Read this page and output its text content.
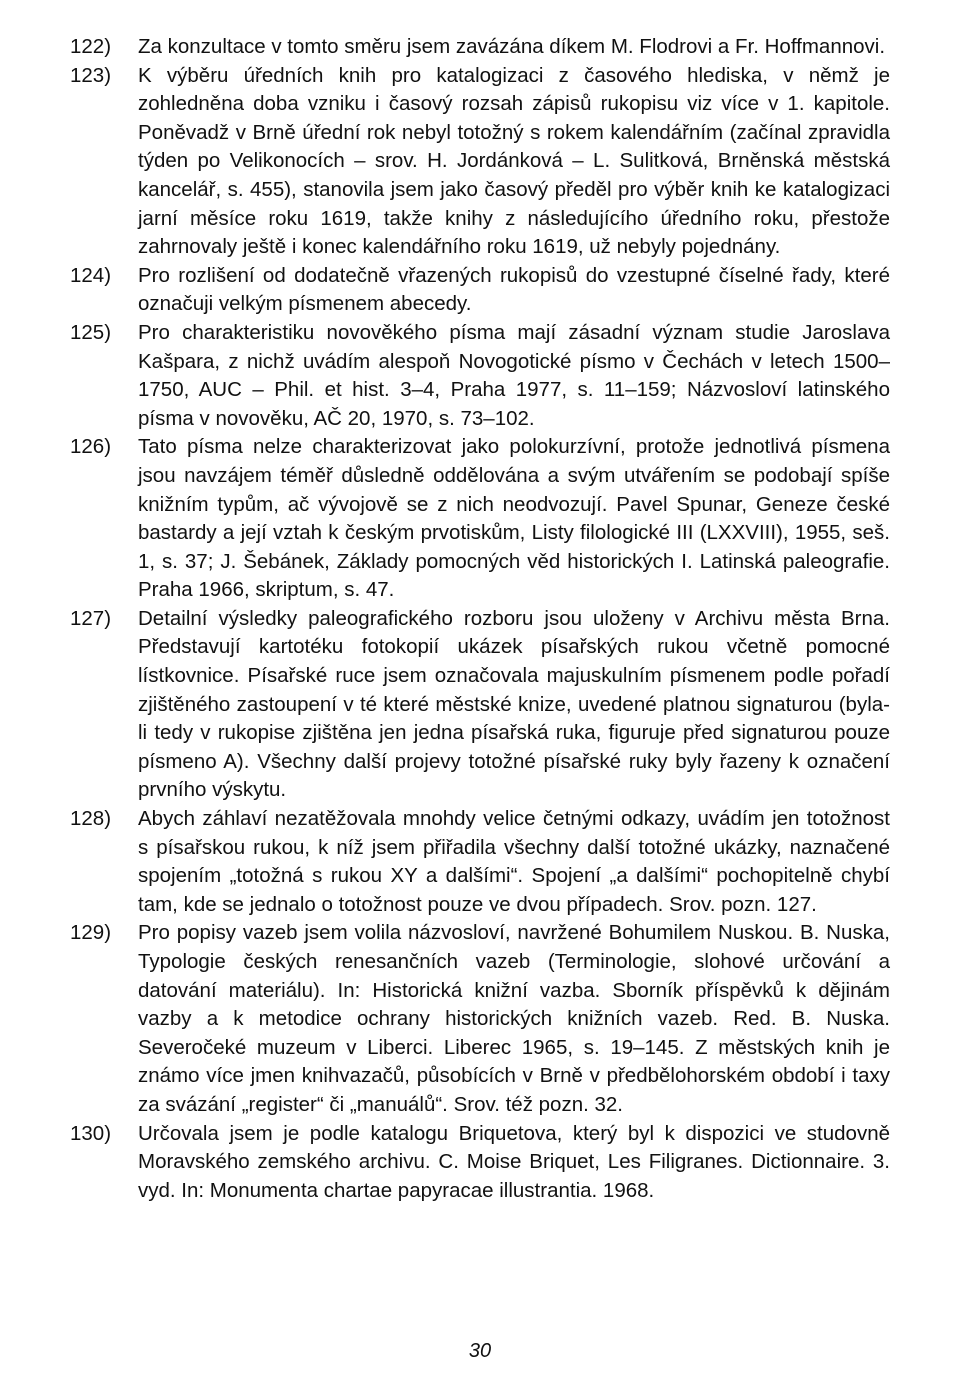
122) Za konzultace v tomto směru jsem zavázána díkem M. Flodrovi a Fr. Hoffmannovi.

123) K výběru úředních knih pro katalogizaci z časového hlediska, v němž je zohledněna doba vzniku i časový rozsah zápisů rukopisu viz více v 1. kapitole. Poněvadž v Brně úřední rok nebyl totožný s rokem kalendářním (začínal zpravidla týden po Velikonocích – srov. H. Jordánková – L. Sulitková, Brněnská městská kancelář, s. 455), stanovila jsem jako časový předěl pro výběr knih ke katalogizaci jarní měsíce roku 1619, takže knihy z následujícího úředního roku, přestože zahrnovaly ještě i konec kalendářního roku 1619, už nebyly pojednány.

124) Pro rozlišení od dodatečně vřazených rukopisů do vzestupné číselné řady, které označuji velkým písmenem abecedy.

125) Pro charakteristiku novověkého písma mají zásadní význam studie Jaroslava Kašpara, z nichž uvádím alespoň Novogotické písmo v Čechách v letech 1500–1750, AUC – Phil. et hist. 3–4, Praha 1977, s. 11–159; Názvosloví latinského písma v novověku, AČ 20, 1970, s. 73–102.

126) Tato písma nelze charakterizovat jako polokurzívní, protože jednotlivá písmena jsou navzájem téměř důsledně oddělována a svým utvářením se podobají spíše knižním typům, ač vývojově se z nich neodvozují. Pavel Spunar, Geneze české bastardy a její vztah k českým prvotiskům, Listy filologické III (LXXVIII), 1955, seš. 1, s. 37; J. Šebánek, Základy pomocných věd historických I. Latinská paleografie. Praha 1966, skriptum, s. 47.

127) Detailní výsledky paleografického rozboru jsou uloženy v Archivu města Brna. Představují kartotéku fotokopií ukázek písařských rukou včetně pomocné lístkovnice. Písařské ruce jsem označovala majuskulním písmenem podle pořadí zjištěného zastoupení v té které městské knize, uvedené platnou signaturou (byla-li tedy v rukopise zjištěna jen jedna písařská ruka, figuruje před signaturou pouze písmeno A). Všechny další projevy totožné písařské ruky byly řazeny k označení prvního výskytu.

128) Abych záhlaví nezatěžovala mnohdy velice četnými odkazy, uvádím jen totožnost s písařskou rukou, k níž jsem přiřadila všechny další totožné ukázky, naznačené spojením „totožná s rukou XY a dalšími“. Spojení „a dalšími“ pochopitelně chybí tam, kde se jednalo o totožnost pouze ve dvou případech. Srov. pozn. 127.

129) Pro popisy vazeb jsem volila názvosloví, navržené Bohumilem Nuskou. B. Nuska, Typologie českých renesančních vazeb (Terminologie, slohové určování a datování materiálu). In: Historická knižní vazba. Sborník příspěvků k dějinám vazby a k metodice ochrany historických knižních vazeb. Red. B. Nuska. Severočeké muzeum v Liberci. Liberec 1965, s. 19–145. Z městských knih je známo více jmen knihvazačů, působících v Brně v předbělohorském období i taxy za svázání „register“ či „manuálů“. Srov. též pozn. 32.

130) Určovala jsem je podle katalogu Briquetova, který byl k dispozici ve studovně Moravského zemského archivu. C. Moise Briquet, Les Filigranes. Dictionnaire. 3. vyd. In: Monumenta chartae papyracae illustrantia. 1968.

30
